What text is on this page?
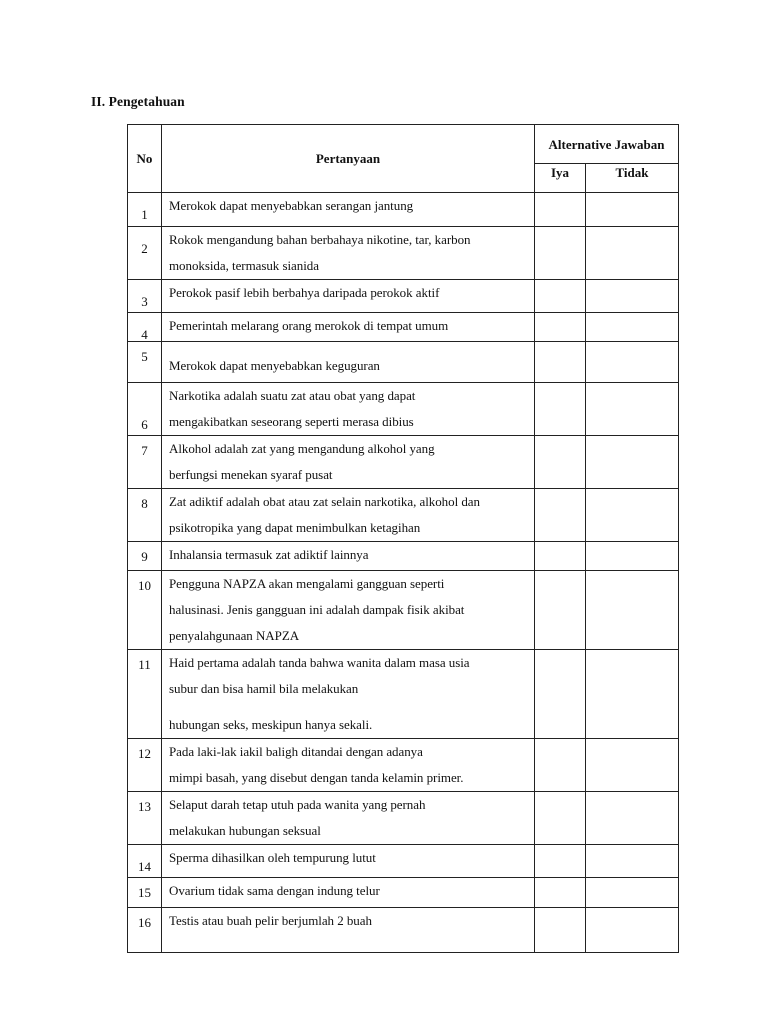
II. Pengetahuan
No	Pertanyaan	Alternative Jawaban	
		Iya	Tidak

1	Merokok dapat menyebabkan serangan jantung		

2	Rokok mengandung bahan berbahaya nikotine, tar, karbon
monoksida, termasuk sianida		

3	Perokok pasif lebih berbahya daripada perokok aktif		

4	Pemerintah melarang orang merokok di tempat umum		

5	Merokok dapat menyebabkan keguguran		

6	Narkotika adalah suatu zat atau obat yang dapat
mengakibatkan seseorang seperti merasa dibius		

7	Alkohol adalah zat yang mengandung alkohol yang
berfungsi menekan syaraf pusat		

8	Zat adiktif adalah obat atau zat selain narkotika, alkohol dan
psikotropika yang dapat menimbulkan ketagihan		

9	Inhalansia termasuk zat adiktif lainnya		

10	Pengguna NAPZA akan mengalami gangguan seperti
halusinasi. Jenis gangguan ini adalah dampak fisik akibat
penyalahgunaan NAPZA		

11	Haid pertama adalah tanda bahwa wanita dalam masa usia
subur dan bisa hamil bila melakukan
hubungan seks, meskipun hanya sekali.		

12	Pada laki-lak iakil baligh ditandai dengan adanya
mimpi basah, yang disebut dengan tanda kelamin primer.		

13	Selaput darah tetap utuh pada wanita yang pernah
melakukan hubungan seksual		

14	Sperma dihasilkan oleh tempurung lutut		

15	Ovarium tidak sama dengan indung telur		

16	Testis atau buah pelir berjumlah 2 buah		
